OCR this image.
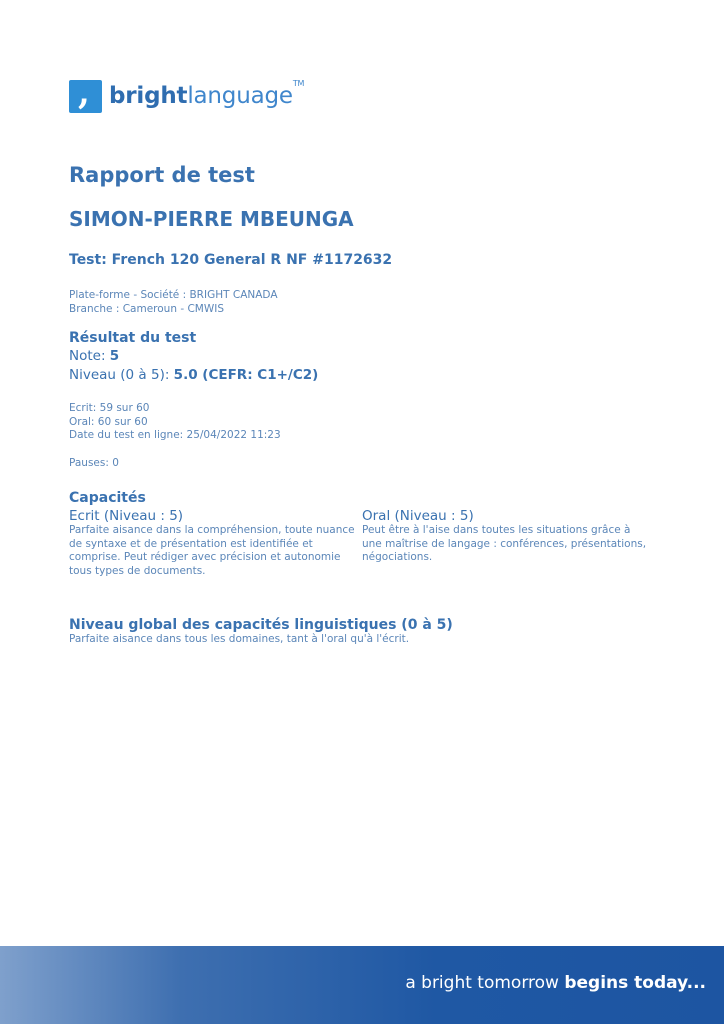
, brightlanguage™
Rapport de test
SIMON-PIERRE MBEUNGA
Test: French 120 General R NF #1172632
Plate-forme - Société : BRIGHT CANADA
Branche : Cameroun - CMWIS
Résultat du test
Note: 5
Niveau (0 à 5): 5.0 (CEFR: C1+/C2)
Ecrit: 59 sur 60
Oral: 60 sur 60
Date du test en ligne: 25/04/2022 11:23
Pauses: 0
Capacités
Ecrit (Niveau : 5)
Parfaite aisance dans la compréhension, toute nuance de syntaxe et de présentation est identifiée et comprise. Peut rédiger avec précision et autonomie tous types de documents.
Oral (Niveau : 5)
Peut être à l'aise dans toutes les situations grâce à une maîtrise de langage : conférences, présentations, négociations.
Niveau global des capacités linguistiques (0 à 5)
Parfaite aisance dans tous les domaines, tant à l'oral qu'à l'écrit.
a bright tomorrow begins today...
